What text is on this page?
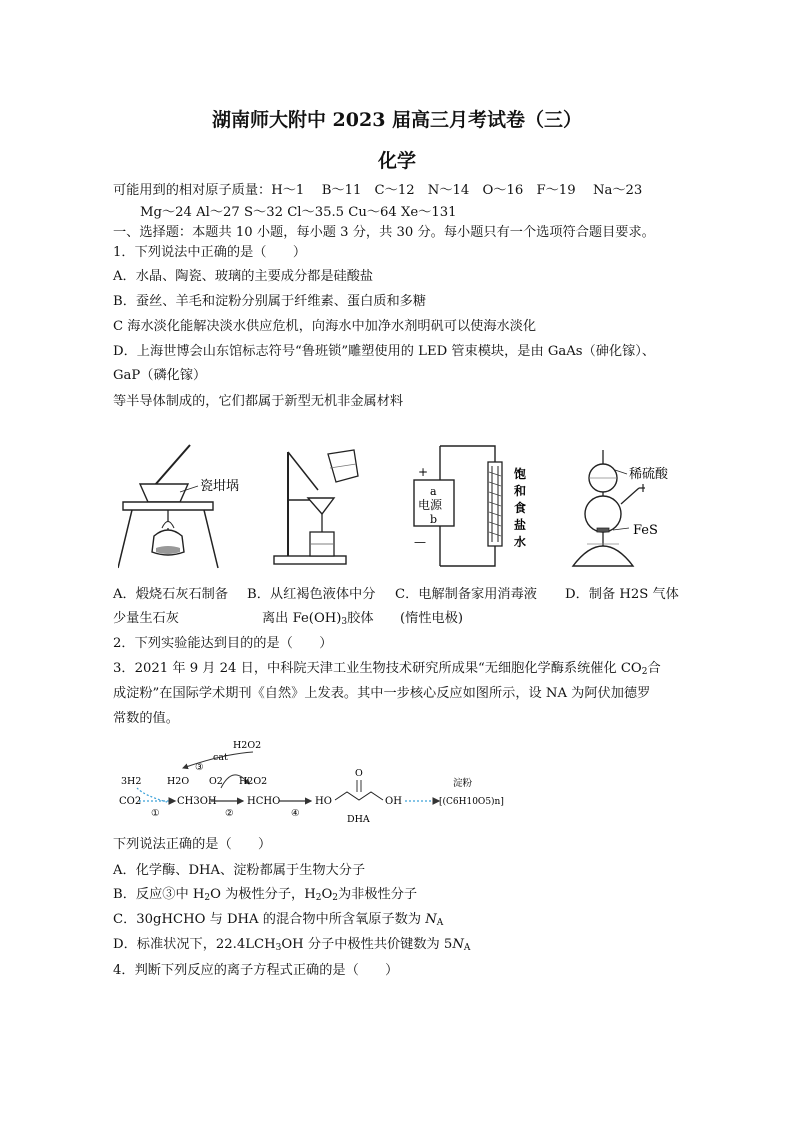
湖南师大附中 2023 届高三月考试卷（三）
化学
可能用到的相对原子质量：H～1　 B～11　C～12　N～14　O～16　F～19　 Na～23
Mg～24 Al～27 S～32 Cl～35.5 Cu～64 Xe～131
一、选择题：本题共 10 小题，每小题 3 分，共 30 分。每小题只有一个选项符合题目要求。
1．下列说法中正确的是（　　）
A．水晶、陶瓷、玻璃的主要成分都是硅酸盐
B．蚕丝、羊毛和淀粉分别属于纤维素、蛋白质和多糖
C 海水淡化能解决淡水供应危机，向海水中加净水剂明矾可以使海水淡化
D．上海世博会山东馆标志符号“鲁班锁”雕塑使用的 LED 管束模块，是由 GaAs（砷化镓）、
GaP（磷化镓）
等半导体制成的，它们都属于新型无机非金属材料
瓷坩埚
+
—
a
电源
b
饱
和
食
盐
水
稀硫酸
FeS
A．煅烧石灰石制备
少量生石灰
B．从红褐色液体中分
离出 $Fe(OH)_3$胶体
C．电解制备家用消毒液
(惰性电极)
D．制备 H2S 气体
2．下列实验能达到目的的是（　　）
3．2021 年 9 月 24 日，中科院天津工业生物技术研究所成果“无细胞化学酶系统催化 $CO_2$合
成淀粉”在国际学术期刊《自然》上发表。其中一步核心反应如图所示，设 NA 为阿伏加德罗
常数的值。
H2O2
cat
③
3H2	H2O O2 H2O2
CO2
①
CH3OH
②
HCHO
④
HO
O
OH
DHA
淀粉
[(C6H10O5)n]
下列说法正确的是（　　）
A．化学酶、DHA、淀粉都属于生物大分子
B．反应③中 $H_2O$ 为极性分子，$H_2O_2$为非极性分子
C．30gHCHO 与 DHA 的混合物中所含氧原子数为 $N_A$
D．标准状况下，$22.4LCH_3OH$ 分子中极性共价键数为 $5N_A$
4．判断下列反应的离子方程式正确的是（　　）
